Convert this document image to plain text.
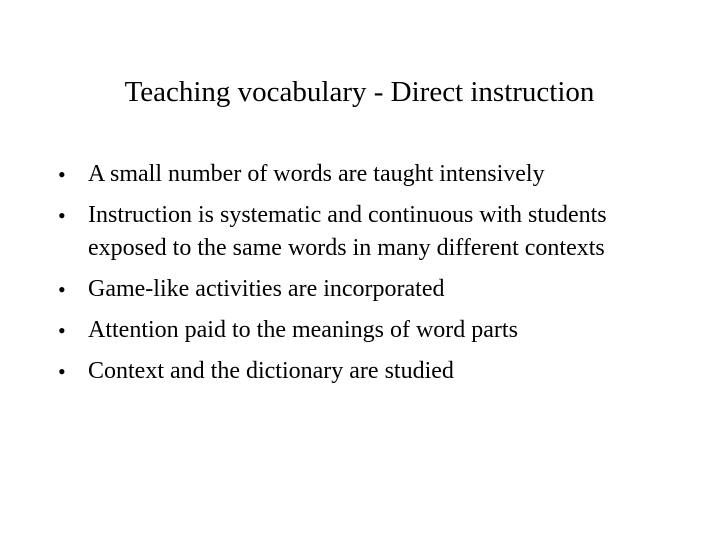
Teaching vocabulary - Direct instruction
• A small number of words are taught intensively
• Instruction is systematic and continuous with students exposed to the same words in many different contexts
• Game-like activities are incorporated
• Attention paid to the meanings of word parts
• Context and the dictionary are studied
